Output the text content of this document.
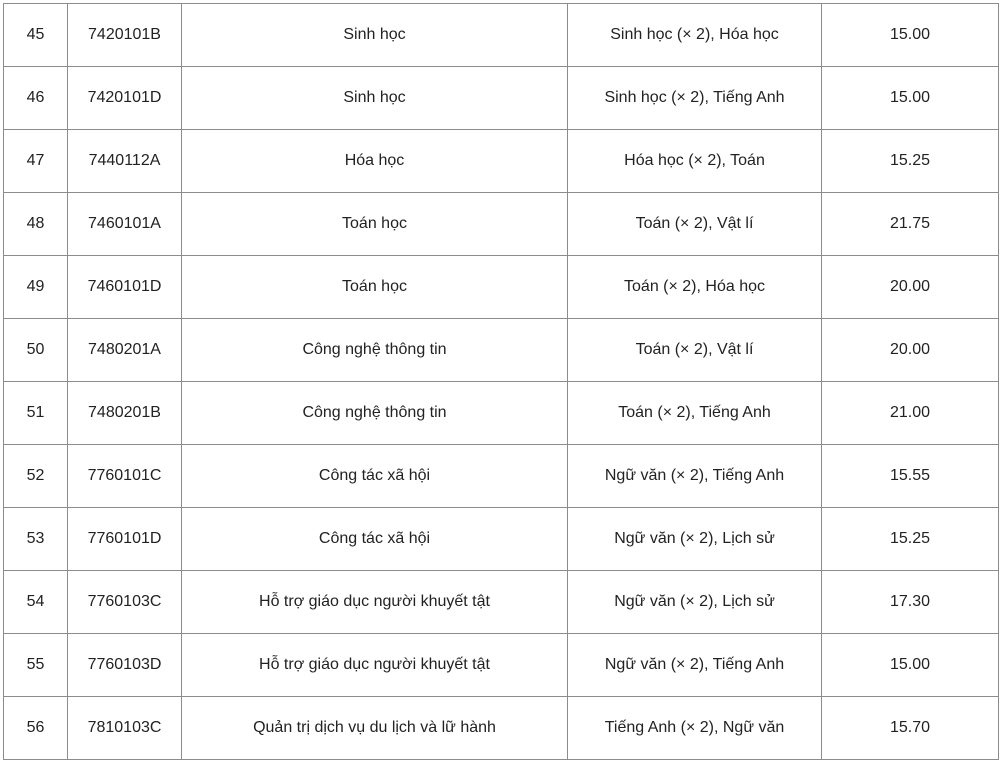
45	7420101B	Sinh học	Sinh học (× 2), Hóa học	15.00
46	7420101D	Sinh học	Sinh học (× 2), Tiếng Anh	15.00
47	7440112A	Hóa học	Hóa học (× 2), Toán	15.25
48	7460101A	Toán học	Toán (× 2), Vật lí	21.75
49	7460101D	Toán học	Toán (× 2), Hóa học	20.00
50	7480201A	Công nghệ thông tin	Toán (× 2), Vật lí	20.00
51	7480201B	Công nghệ thông tin	Toán (× 2), Tiếng Anh	21.00
52	7760101C	Công tác xã hội	Ngữ văn (× 2), Tiếng Anh	15.55
53	7760101D	Công tác xã hội	Ngữ văn (× 2), Lịch sử	15.25
54	7760103C	Hỗ trợ giáo dục người khuyết tật	Ngữ văn (× 2), Lịch sử	17.30
55	7760103D	Hỗ trợ giáo dục người khuyết tật	Ngữ văn (× 2), Tiếng Anh	15.00
56	7810103C	Quản trị dịch vụ du lịch và lữ hành	Tiếng Anh (× 2), Ngữ văn	15.70
